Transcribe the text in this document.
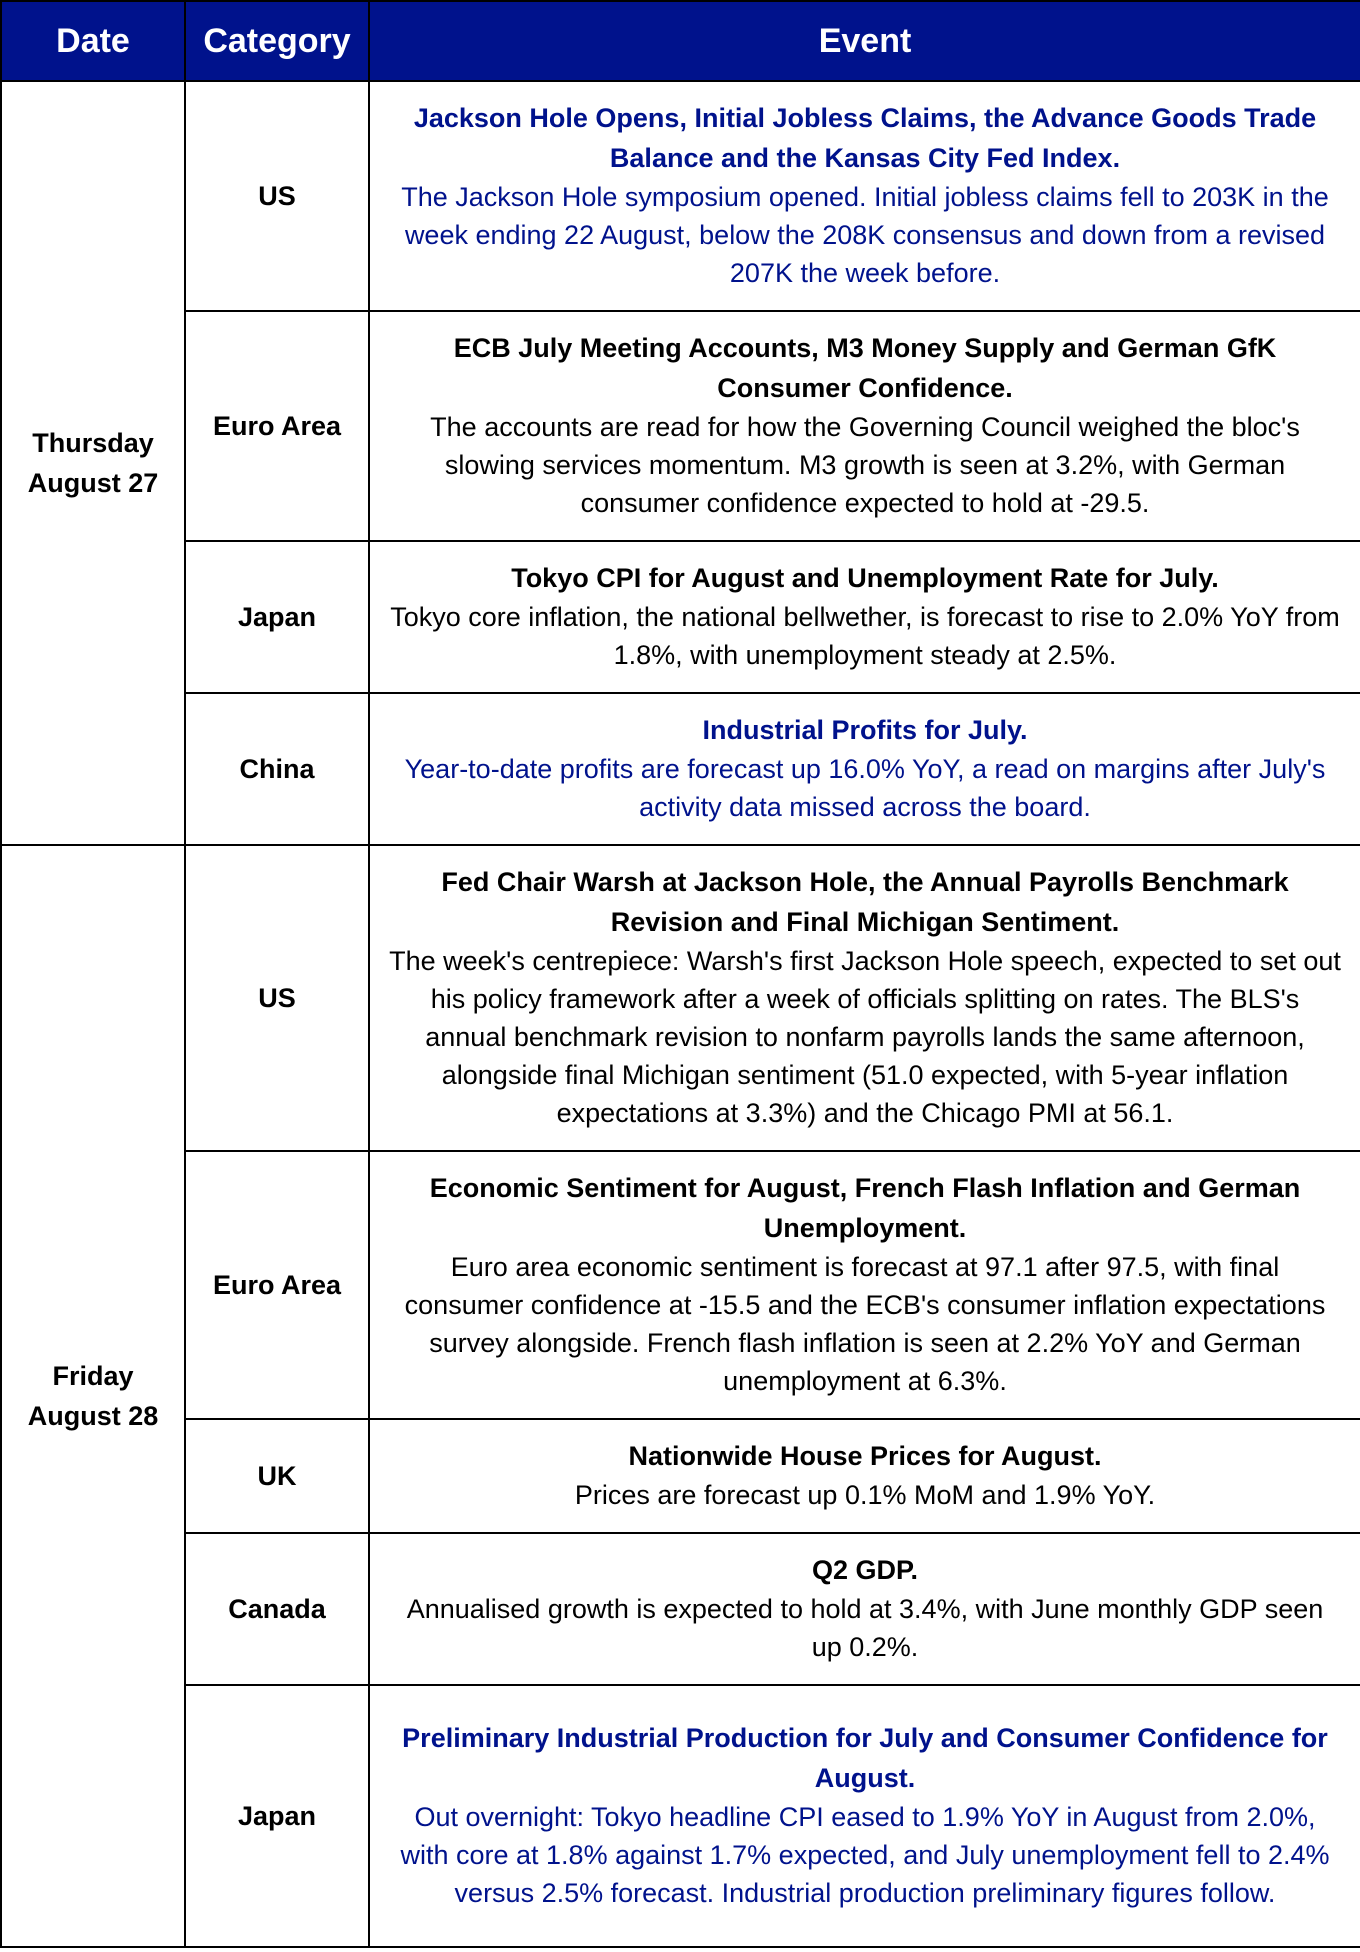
Date	Category	Event
Thursday
August 27	US	Jackson Hole Opens, Initial Jobless Claims, the Advance Goods Trade Balance and the Kansas City Fed Index.
The Jackson Hole symposium opened. Initial jobless claims fell to 203K in the week ending 22 August, below the 208K consensus and down from a revised 207K the week before.

	Euro Area	ECB July Meeting Accounts, M3 Money Supply and German GfK Consumer Confidence.
The accounts are read for how the Governing Council weighed the bloc's slowing services momentum. M3 growth is seen at 3.2%, with German consumer confidence expected to hold at -29.5.

	Japan	Tokyo CPI for August and Unemployment Rate for July.
Tokyo core inflation, the national bellwether, is forecast to rise to 2.0% YoY from 1.8%, with unemployment steady at 2.5%.

	China	Industrial Profits for July.
Year-to-date profits are forecast up 16.0% YoY, a read on margins after July's activity data missed across the board.

Friday
August 28	US	Fed Chair Warsh at Jackson Hole, the Annual Payrolls Benchmark Revision and Final Michigan Sentiment.
The week's centrepiece: Warsh's first Jackson Hole speech, expected to set out his policy framework after a week of officials splitting on rates. The BLS's annual benchmark revision to nonfarm payrolls lands the same afternoon, alongside final Michigan sentiment (51.0 expected, with 5-year inflation expectations at 3.3%) and the Chicago PMI at 56.1.

	Euro Area	Economic Sentiment for August, French Flash Inflation and German Unemployment.
Euro area economic sentiment is forecast at 97.1 after 97.5, with final consumer confidence at -15.5 and the ECB's consumer inflation expectations survey alongside. French flash inflation is seen at 2.2% YoY and German unemployment at 6.3%.

	UK	Nationwide House Prices for August.
Prices are forecast up 0.1% MoM and 1.9% YoY.

	Canada	Q2 GDP.
Annualised growth is expected to hold at 3.4%, with June monthly GDP seen up 0.2%.

	Japan	Preliminary Industrial Production for July and Consumer Confidence for August.
Out overnight: Tokyo headline CPI eased to 1.9% YoY in August from 2.0%, with core at 1.8% against 1.7% expected, and July unemployment fell to 2.4% versus 2.5% forecast. Industrial production preliminary figures follow.
